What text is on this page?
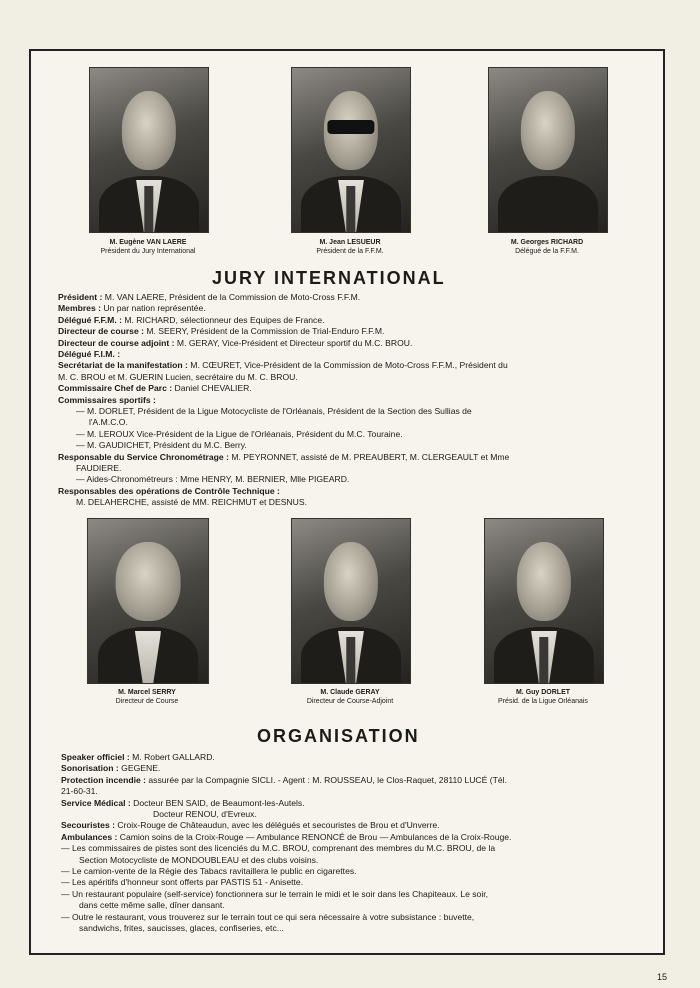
M. Eugène VAN LAERE
Président du Jury International
M. Jean LESUEUR
Président de la F.F.M.
M. Georges RICHARD
Délégué de la F.F.M.
JURY INTERNATIONAL
Président : M. VAN LAERE, Président de la Commission de Moto-Cross F.F.M.
Membres : Un par nation représentée.
Délégué F.F.M. : M. RICHARD, sélectionneur des Equipes de France.
Directeur de course : M. SEERY, Président de la Commission de Trial-Enduro F.F.M.
Directeur de course adjoint : M. GERAY, Vice-Président et Directeur sportif du M.C. BROU.
Délégué F.I.M. :
Secrétariat de la manifestation : M. CŒURET, Vice-Président de la Commission de Moto-Cross F.F.M., Président du
M. C. BROU et M. GUERIN Lucien, secrétaire du M. C. BROU.
Commissaire Chef de Parc : Daniel CHEVALIER.
Commissaires sportifs :
— M. DORLET, Président de la Ligue Motocycliste de l'Orléanais, Président de la Section des Sullias de
l'A.M.C.O.
— M. LEROUX Vice-Président de la Ligue de l'Orléanais, Président du M.C. Touraine.
— M. GAUDICHET, Président du M.C. Berry.
Responsable du Service Chronométrage : M. PEYRONNET, assisté de M. PREAUBERT, M. CLERGEAULT et Mme
FAUDIERE.
— Aides-Chronométreurs : Mme HENRY, M. BERNIER, Mlle PIGEARD.
Responsables des opérations de Contrôle Technique :
M. DELAHERCHE, assisté de MM. REICHMUT et DESNUS.
M. Marcel SERRY
Directeur de Course
M. Claude GERAY
Directeur de Course-Adjoint
M. Guy DORLET
Présid. de la Ligue Orléanais
ORGANISATION
Speaker officiel : M. Robert GALLARD.
Sonorisation : GEGENE.
Protection incendie : assurée par la Compagnie SICLI. - Agent : M. ROUSSEAU, le Clos-Raquet, 28110 LUCÉ (Tél.
21-60-31.
Service Médical : Docteur BEN SAID, de Beaumont-les-Autels.
Docteur RENOU, d'Evreux.
Secouristes : Croix-Rouge de Châteaudun, avec les délégués et secouristes de Brou et d'Unverre.
Ambulances : Camion soins de la Croix-Rouge — Ambulance RENONCÉ de Brou — Ambulances de la Croix-Rouge.
— Les commissaires de pistes sont des licenciés du M.C. BROU, comprenant des membres du M.C. BROU, de la
Section Motocycliste de MONDOUBLEAU et des clubs voisins.
— Le camion-vente de la Régie des Tabacs ravitaillera le public en cigarettes.
— Les apéritifs d'honneur sont offerts par PASTIS 51 - Anisette.
— Un restaurant populaire (self-service) fonctionnera sur le terrain le midi et le soir dans les Chapiteaux. Le soir,
dans cette même salle, dîner dansant.
— Outre le restaurant, vous trouverez sur le terrain tout ce qui sera nécessaire à votre subsistance : buvette,
sandwichs, frites, saucisses, glaces, confiseries, etc...
15
